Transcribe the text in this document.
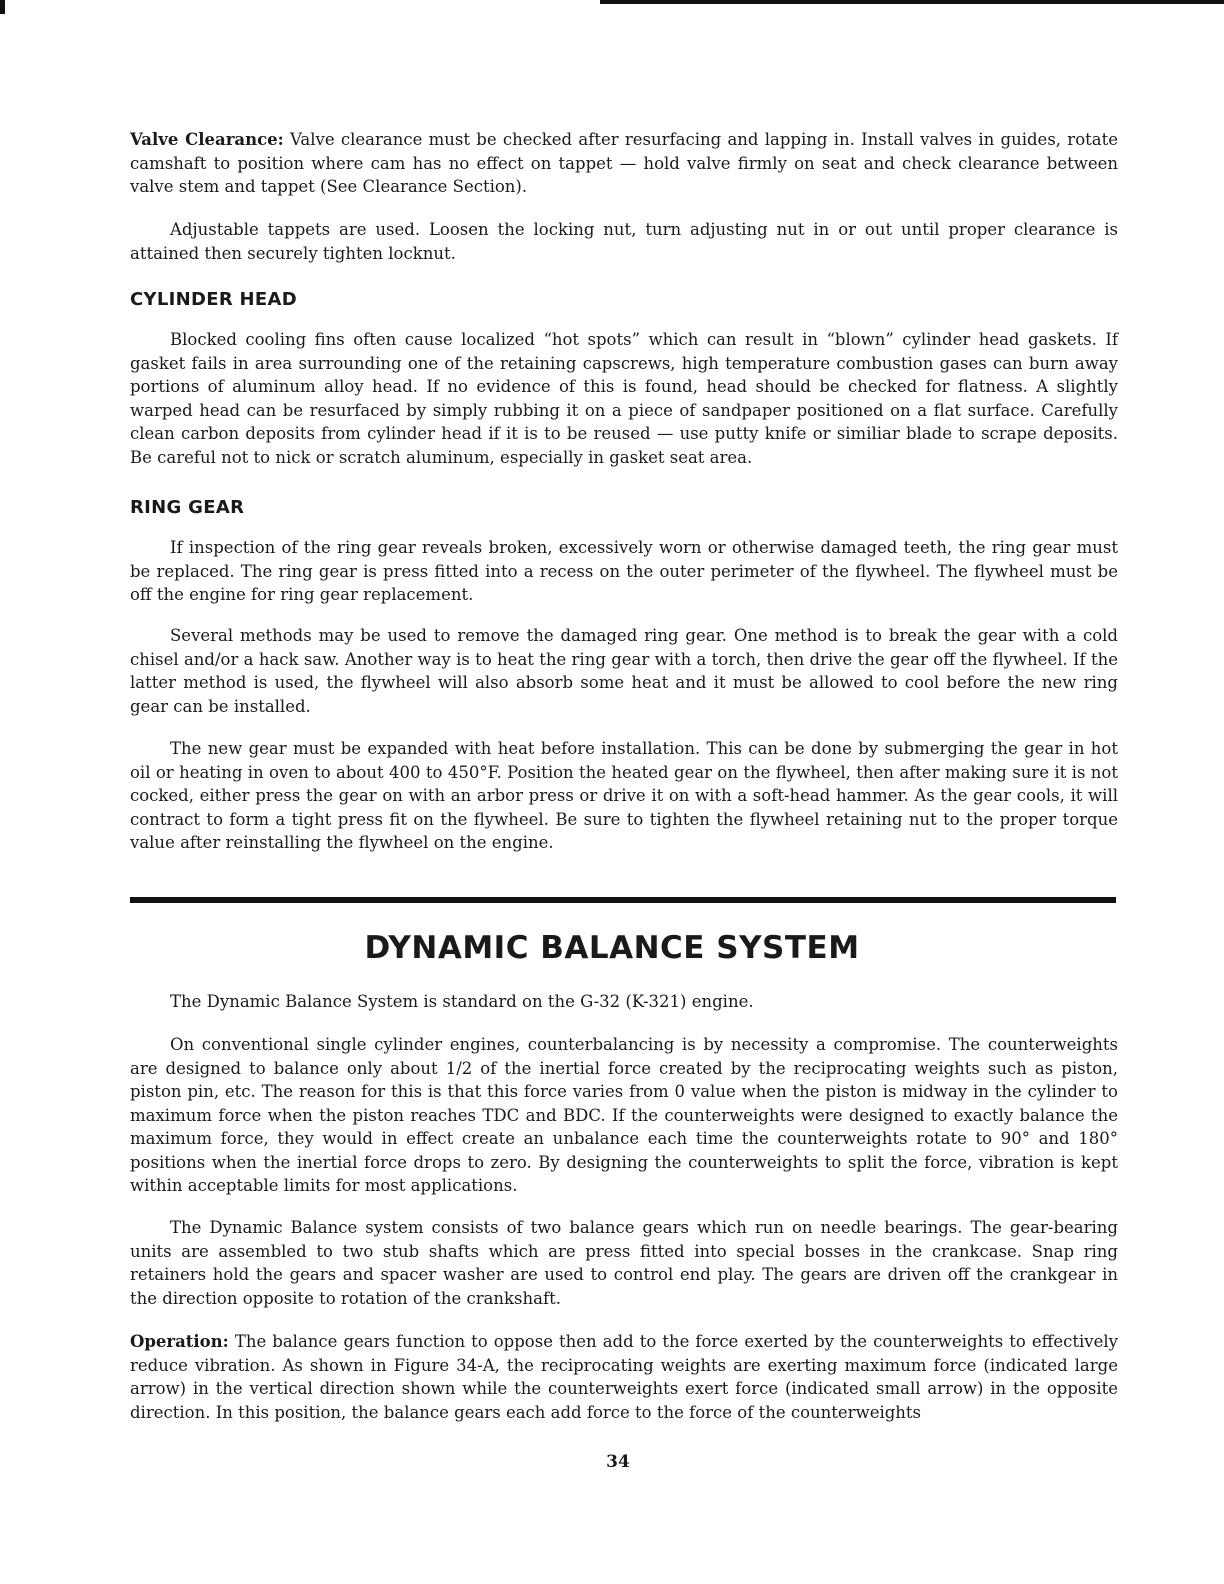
Valve Clearance: Valve clearance must be checked after resurfacing and lapping in. Install valves in guides, rotate camshaft to position where cam has no effect on tappet — hold valve firmly on seat and check clearance between valve stem and tappet (See Clearance Section).

Adjustable tappets are used. Loosen the locking nut, turn adjusting nut in or out until proper clearance is attained then securely tighten locknut.

CYLINDER HEAD

Blocked cooling fins often cause localized “hot spots” which can result in “blown” cylinder head gaskets. If gasket fails in area surrounding one of the retaining capscrews, high temperature combustion gases can burn away portions of aluminum alloy head. If no evidence of this is found, head should be checked for flatness. A slightly warped head can be resurfaced by simply rubbing it on a piece of sandpaper positioned on a flat surface. Carefully clean carbon deposits from cylinder head if it is to be reused — use putty knife or similiar blade to scrape deposits. Be careful not to nick or scratch aluminum, especially in gasket seat area.

RING GEAR

If inspection of the ring gear reveals broken, excessively worn or otherwise damaged teeth, the ring gear must be replaced. The ring gear is press fitted into a recess on the outer perimeter of the flywheel. The flywheel must be off the engine for ring gear replacement.

Several methods may be used to remove the damaged ring gear. One method is to break the gear with a cold chisel and/or a hack saw. Another way is to heat the ring gear with a torch, then drive the gear off the flywheel. If the latter method is used, the flywheel will also absorb some heat and it must be allowed to cool before the new ring gear can be installed.

The new gear must be expanded with heat before installation. This can be done by submerging the gear in hot oil or heating in oven to about 400 to 450°F. Position the heated gear on the flywheel, then after making sure it is not cocked, either press the gear on with an arbor press or drive it on with a soft-head hammer. As the gear cools, it will contract to form a tight press fit on the flywheel. Be sure to tighten the flywheel retaining nut to the proper torque value after reinstalling the flywheel on the engine.

DYNAMIC BALANCE SYSTEM

The Dynamic Balance System is standard on the G-32 (K-321) engine.

On conventional single cylinder engines, counterbalancing is by necessity a compromise. The counterweights are designed to balance only about 1/2 of the inertial force created by the reciprocating weights such as piston, piston pin, etc. The reason for this is that this force varies from 0 value when the piston is midway in the cylinder to maximum force when the piston reaches TDC and BDC. If the counterweights were designed to exactly balance the maximum force, they would in effect create an unbalance each time the counterweights rotate to 90° and 180° positions when the inertial force drops to zero. By designing the counterweights to split the force, vibration is kept within acceptable limits for most applications.

The Dynamic Balance system consists of two balance gears which run on needle bearings. The gear-bearing units are assembled to two stub shafts which are press fitted into special bosses in the crankcase. Snap ring retainers hold the gears and spacer washer are used to control end play. The gears are driven off the crankgear in the direction opposite to rotation of the crankshaft.

Operation: The balance gears function to oppose then add to the force exerted by the counterweights to effectively reduce vibration. As shown in Figure 34-A, the reciprocating weights are exerting maximum force (indicated large arrow) in the vertical direction shown while the counterweights exert force (indicated small arrow) in the opposite direction. In this position, the balance gears each add force to the force of the counterweights

34
